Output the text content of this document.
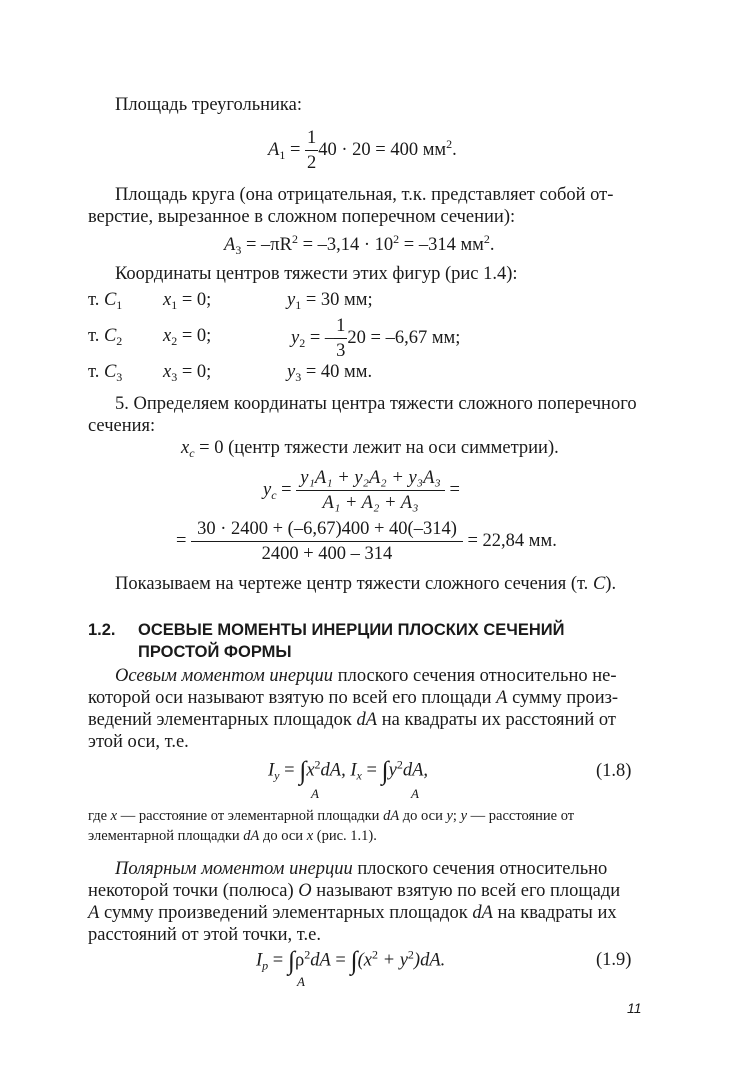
Площадь треугольника:
$A_1 = \frac{1}{2} 40 \cdot 20 = 400$ $мм^2$.
Площадь круга (она отрицательная, т.к. представляет собой от-
верстие, вырезанное в сложном поперечном сечении):
$A_3 = -\pi R^2 = -3,14 \cdot 10^2 = -314$ $мм^2$.
Координаты центров тяжести этих фигур (рис 1.4):
т. $C_1$ $x_1 = 0$;	$y_1 = 30$ мм;
т. $C_2$ $x_2 = 0$;	$y_2$ = – $\frac{1}{3} 20 = -6,67$ мм;
т. $C_3$ $x_3 = 0$;	$y_3 = 40$ мм.
5. Определяем координаты центра тяжести сложного поперечного
сечения:
$x_c = 0$ (центр тяжести лежит на оси симметрии).
$y_c = \frac{\text{y₁A₁ + y₂A₂ + y₃A₃}}{\text{A₁ + A₂ + A₃}}$ =
= $\frac{30 \cdot 2400 + (-6,67)400 + 40(-314)}{2400 + 400 - 314} = 22,84$ мм.
Показываем на чертеже центр тяжести сложного сечения (т. C).
1.2. ОСЕВЫЕ МОМЕНТЫ ИНЕРЦИИ ПЛОСКИХ СЕЧЕНИЙ
ПРОСТОЙ ФОРМЫ
Осевым моментом инерции плоского сечения относительно не-
которой оси называют взятую по всей его площади A сумму произ-
ведений элементарных площадок dA на квадраты их расстояний от
этой оси, т.е.
$I_y = \int x^2dA$, $I_x = \int y^2dA$,
A	A
(1.8)
где x — расстояние от элементарной площадки dA до оси y; y — расстояние от
элементарной площадки dA до оси x (рис. 1.1).
Полярным моментом инерции плоского сечения относительно
некоторой точки (полюса) O называют взятую по всей его площади
A сумму произведений элементарных площадок dA на квадраты их
расстояний от этой точки, т.е.
$I_p = \int\rho^2dA = \int(x^2 + y^2)dA$.
A
(1.9)
11
